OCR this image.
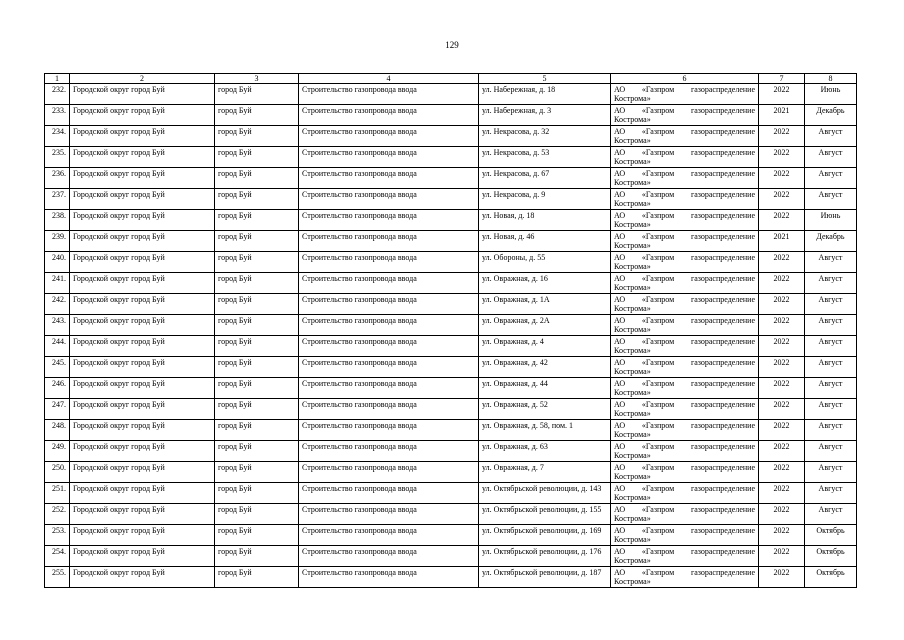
129
1	2	3	4	5	6	7	8
232.	Городской округ город Буй	город Буй	Строительство газопровода ввода	ул. Набережная, д. 18	АО «Газпром газораспределение Кострома»	2022	Июнь
233.	Городской округ город Буй	город Буй	Строительство газопровода ввода	ул. Набережная, д. 3	АО «Газпром газораспределение Кострома»	2021	Декабрь
234.	Городской округ город Буй	город Буй	Строительство газопровода ввода	ул. Некрасова, д. 32	АО «Газпром газораспределение Кострома»	2022	Август
235.	Городской округ город Буй	город Буй	Строительство газопровода ввода	ул. Некрасова, д. 53	АО «Газпром газораспределение Кострома»	2022	Август
236.	Городской округ город Буй	город Буй	Строительство газопровода ввода	ул. Некрасова, д. 67	АО «Газпром газораспределение Кострома»	2022	Август
237.	Городской округ город Буй	город Буй	Строительство газопровода ввода	ул. Некрасова, д. 9	АО «Газпром газораспределение Кострома»	2022	Август
238.	Городской округ город Буй	город Буй	Строительство газопровода ввода	ул. Новая, д. 18	АО «Газпром газораспределение Кострома»	2022	Июнь
239.	Городской округ город Буй	город Буй	Строительство газопровода ввода	ул. Новая, д. 46	АО «Газпром газораспределение Кострома»	2021	Декабрь
240.	Городской округ город Буй	город Буй	Строительство газопровода ввода	ул. Обороны, д. 55	АО «Газпром газораспределение Кострома»	2022	Август
241.	Городской округ город Буй	город Буй	Строительство газопровода ввода	ул. Овражная, д. 16	АО «Газпром газораспределение Кострома»	2022	Август
242.	Городской округ город Буй	город Буй	Строительство газопровода ввода	ул. Овражная, д. 1А	АО «Газпром газораспределение Кострома»	2022	Август
243.	Городской округ город Буй	город Буй	Строительство газопровода ввода	ул. Овражная, д. 2А	АО «Газпром газораспределение Кострома»	2022	Август
244.	Городской округ город Буй	город Буй	Строительство газопровода ввода	ул. Овражная, д. 4	АО «Газпром газораспределение Кострома»	2022	Август
245.	Городской округ город Буй	город Буй	Строительство газопровода ввода	ул. Овражная, д. 42	АО «Газпром газораспределение Кострома»	2022	Август
246.	Городской округ город Буй	город Буй	Строительство газопровода ввода	ул. Овражная, д. 44	АО «Газпром газораспределение Кострома»	2022	Август
247.	Городской округ город Буй	город Буй	Строительство газопровода ввода	ул. Овражная, д. 52	АО «Газпром газораспределение Кострома»	2022	Август
248.	Городской округ город Буй	город Буй	Строительство газопровода ввода	ул. Овражная, д. 58, пом. 1	АО «Газпром газораспределение Кострома»	2022	Август
249.	Городской округ город Буй	город Буй	Строительство газопровода ввода	ул. Овражная, д. 63	АО «Газпром газораспределение Кострома»	2022	Август
250.	Городской округ город Буй	город Буй	Строительство газопровода ввода	ул. Овражная, д. 7	АО «Газпром газораспределение Кострома»	2022	Август
251.	Городской округ город Буй	город Буй	Строительство газопровода ввода	ул. Октябрьской революции, д. 143	АО «Газпром газораспределение Кострома»	2022	Август
252.	Городской округ город Буй	город Буй	Строительство газопровода ввода	ул. Октябрьской революции, д. 155	АО «Газпром газораспределение Кострома»	2022	Август
253.	Городской округ город Буй	город Буй	Строительство газопровода ввода	ул. Октябрьской революции, д. 169	АО «Газпром газораспределение Кострома»	2022	Октябрь
254.	Городской округ город Буй	город Буй	Строительство газопровода ввода	ул. Октябрьской революции, д. 176	АО «Газпром газораспределение Кострома»	2022	Октябрь
255.	Городской округ город Буй	город Буй	Строительство газопровода ввода	ул. Октябрьской революции, д. 187	АО «Газпром газораспределение Кострома»	2022	Октябрь
